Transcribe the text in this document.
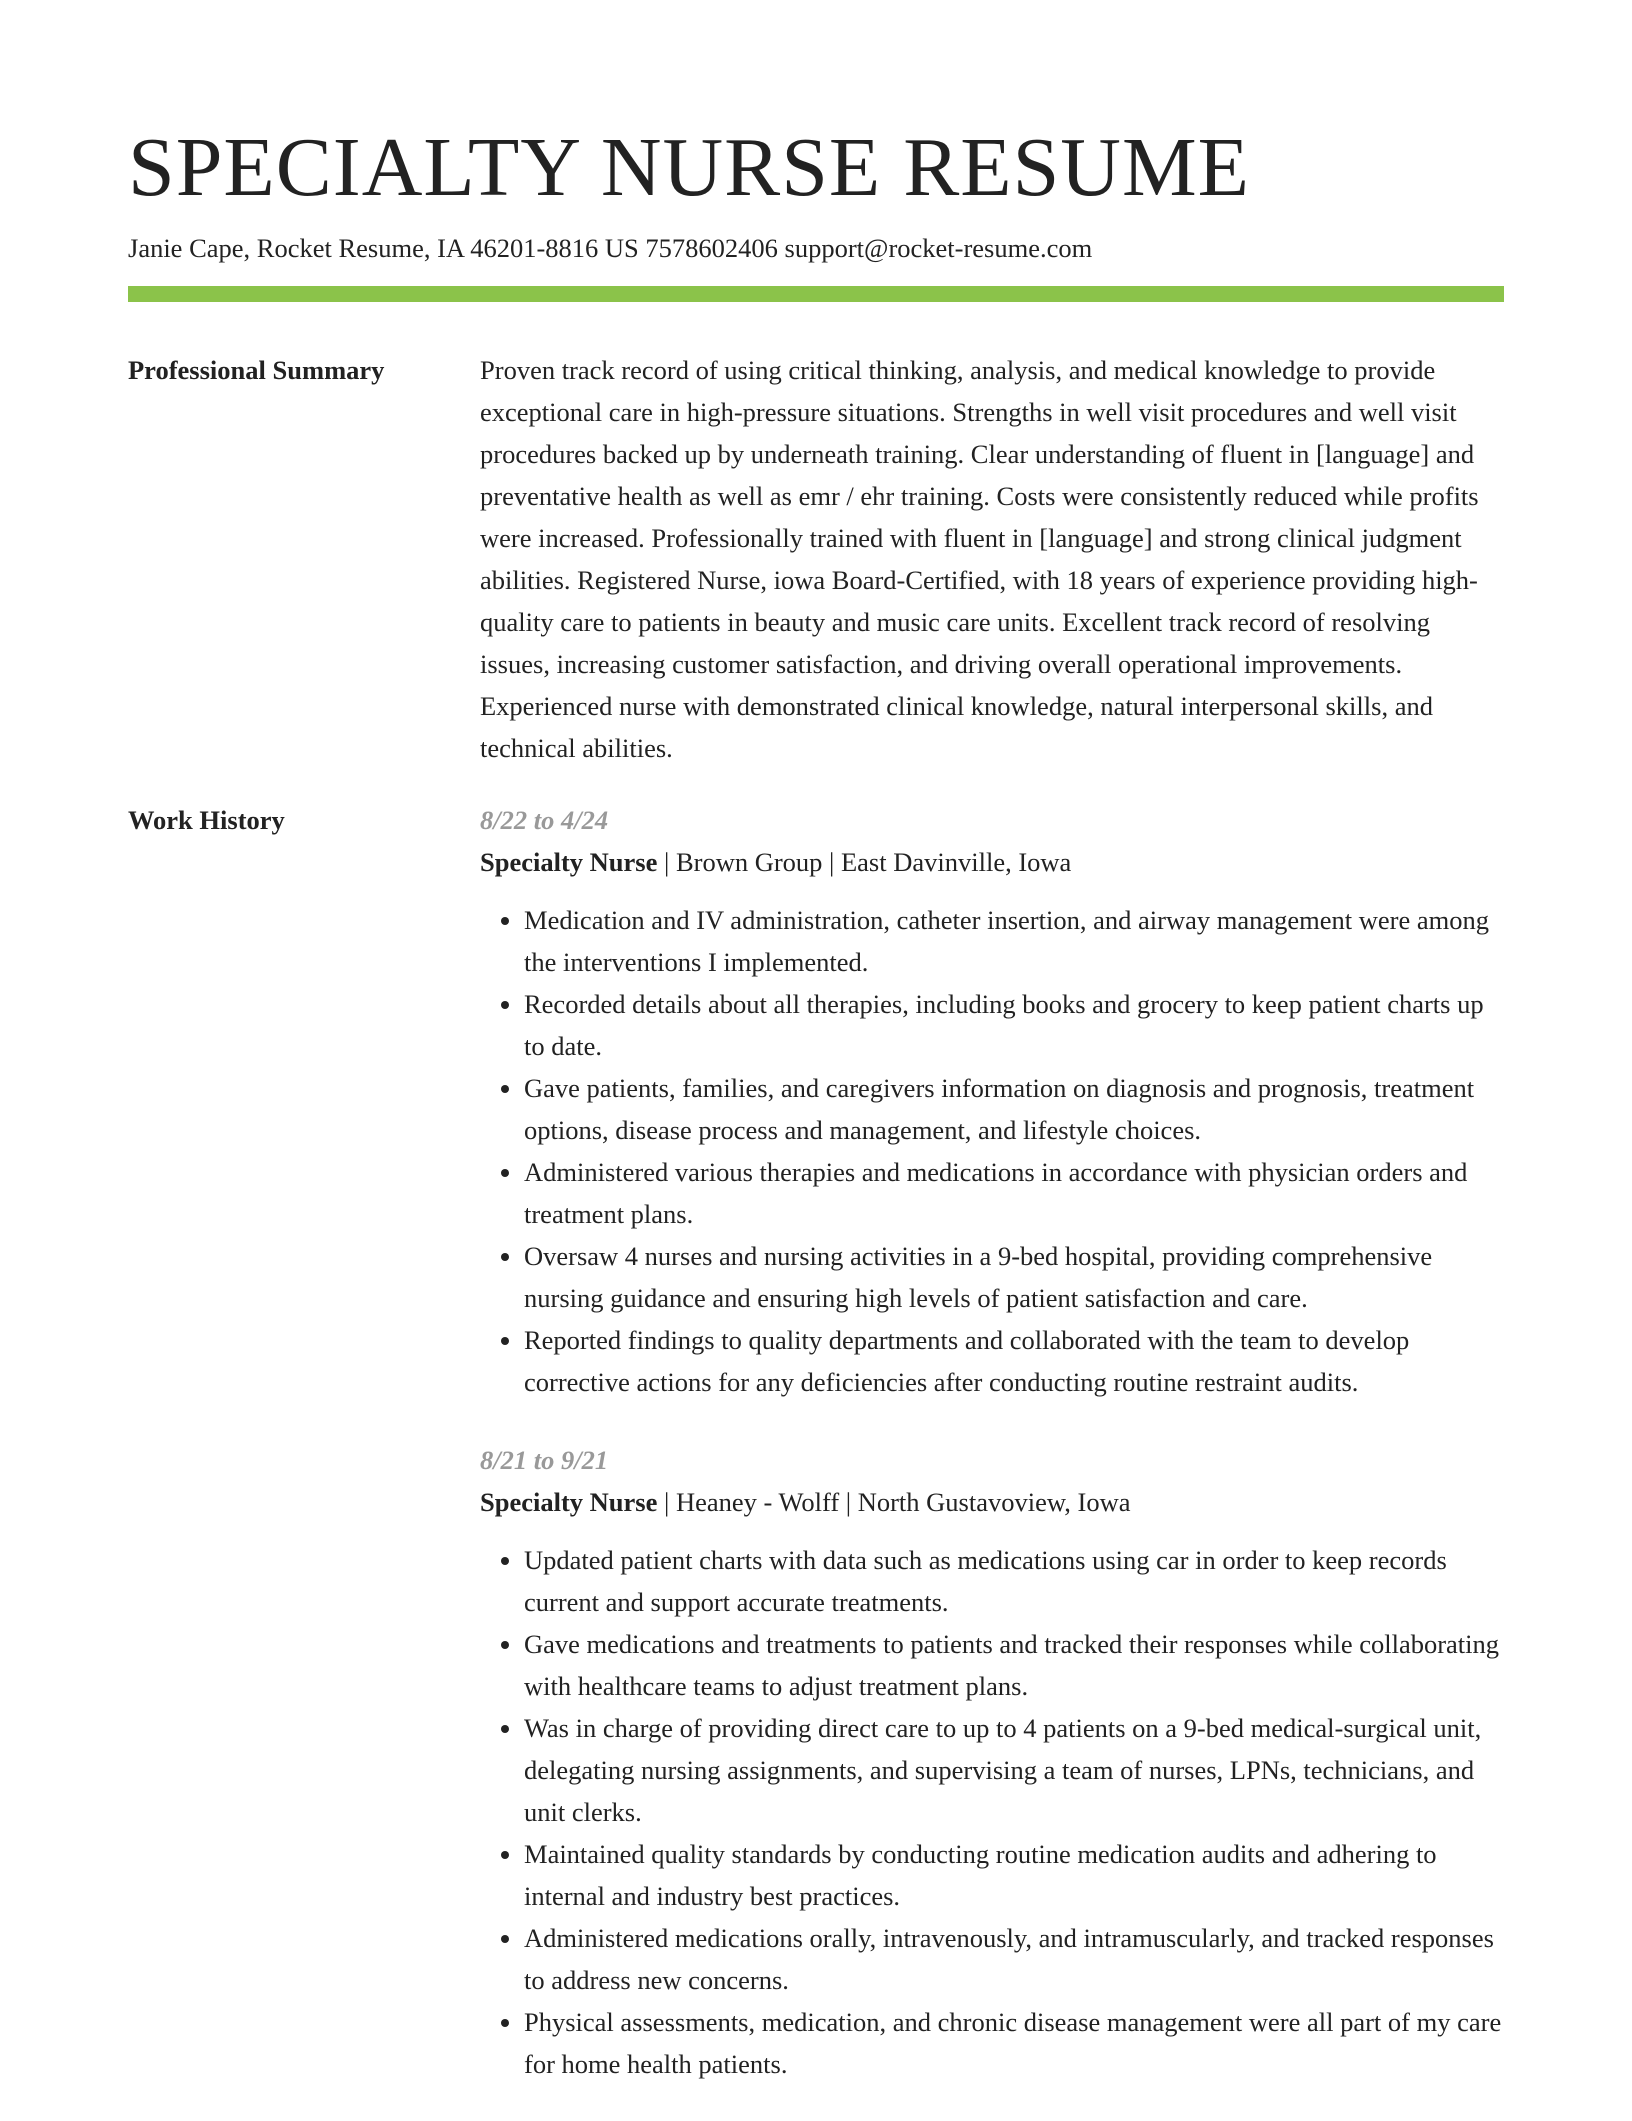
SPECIALTY NURSE RESUME
Janie Cape, Rocket Resume, IA 46201-8816 US 7578602406 support@rocket-resume.com
Professional Summary	Proven track record of using critical thinking, analysis, and medical knowledge to provide exceptional care in high-pressure situations. Strengths in well visit procedures and well visit procedures backed up by underneath training. Clear understanding of fluent in [language] and preventative health as well as emr / ehr training. Costs were consistently reduced while profits were increased. Professionally trained with fluent in [language] and strong clinical judgment abilities. Registered Nurse, iowa Board-Certified, with 18 years of experience providing high-quality care to patients in beauty and music care units. Excellent track record of resolving issues, increasing customer satisfaction, and driving overall operational improvements. Experienced nurse with demonstrated clinical knowledge, natural interpersonal skills, and technical abilities.

Work History	8/22 to 4/24
Specialty Nurse | Brown Group | East Davinville, Iowa
• Medication and IV administration, catheter insertion, and airway management were among the interventions I implemented.
• Recorded details about all therapies, including books and grocery to keep patient charts up to date.
• Gave patients, families, and caregivers information on diagnosis and prognosis, treatment options, disease process and management, and lifestyle choices.
• Administered various therapies and medications in accordance with physician orders and treatment plans.
• Oversaw 4 nurses and nursing activities in a 9-bed hospital, providing comprehensive nursing guidance and ensuring high levels of patient satisfaction and care.
• Reported findings to quality departments and collaborated with the team to develop corrective actions for any deficiencies after conducting routine restraint audits.
8/21 to 9/21
Specialty Nurse | Heaney - Wolff | North Gustavoview, Iowa
• Updated patient charts with data such as medications using car in order to keep records current and support accurate treatments.
• Gave medications and treatments to patients and tracked their responses while collaborating with healthcare teams to adjust treatment plans.
• Was in charge of providing direct care to up to 4 patients on a 9-bed medical-surgical unit, delegating nursing assignments, and supervising a team of nurses, LPNs, technicians, and unit clerks.
• Maintained quality standards by conducting routine medication audits and adhering to internal and industry best practices.
• Administered medications orally, intravenously, and intramuscularly, and tracked responses to address new concerns.
• Physical assessments, medication, and chronic disease management were all part of my care for home health patients.
